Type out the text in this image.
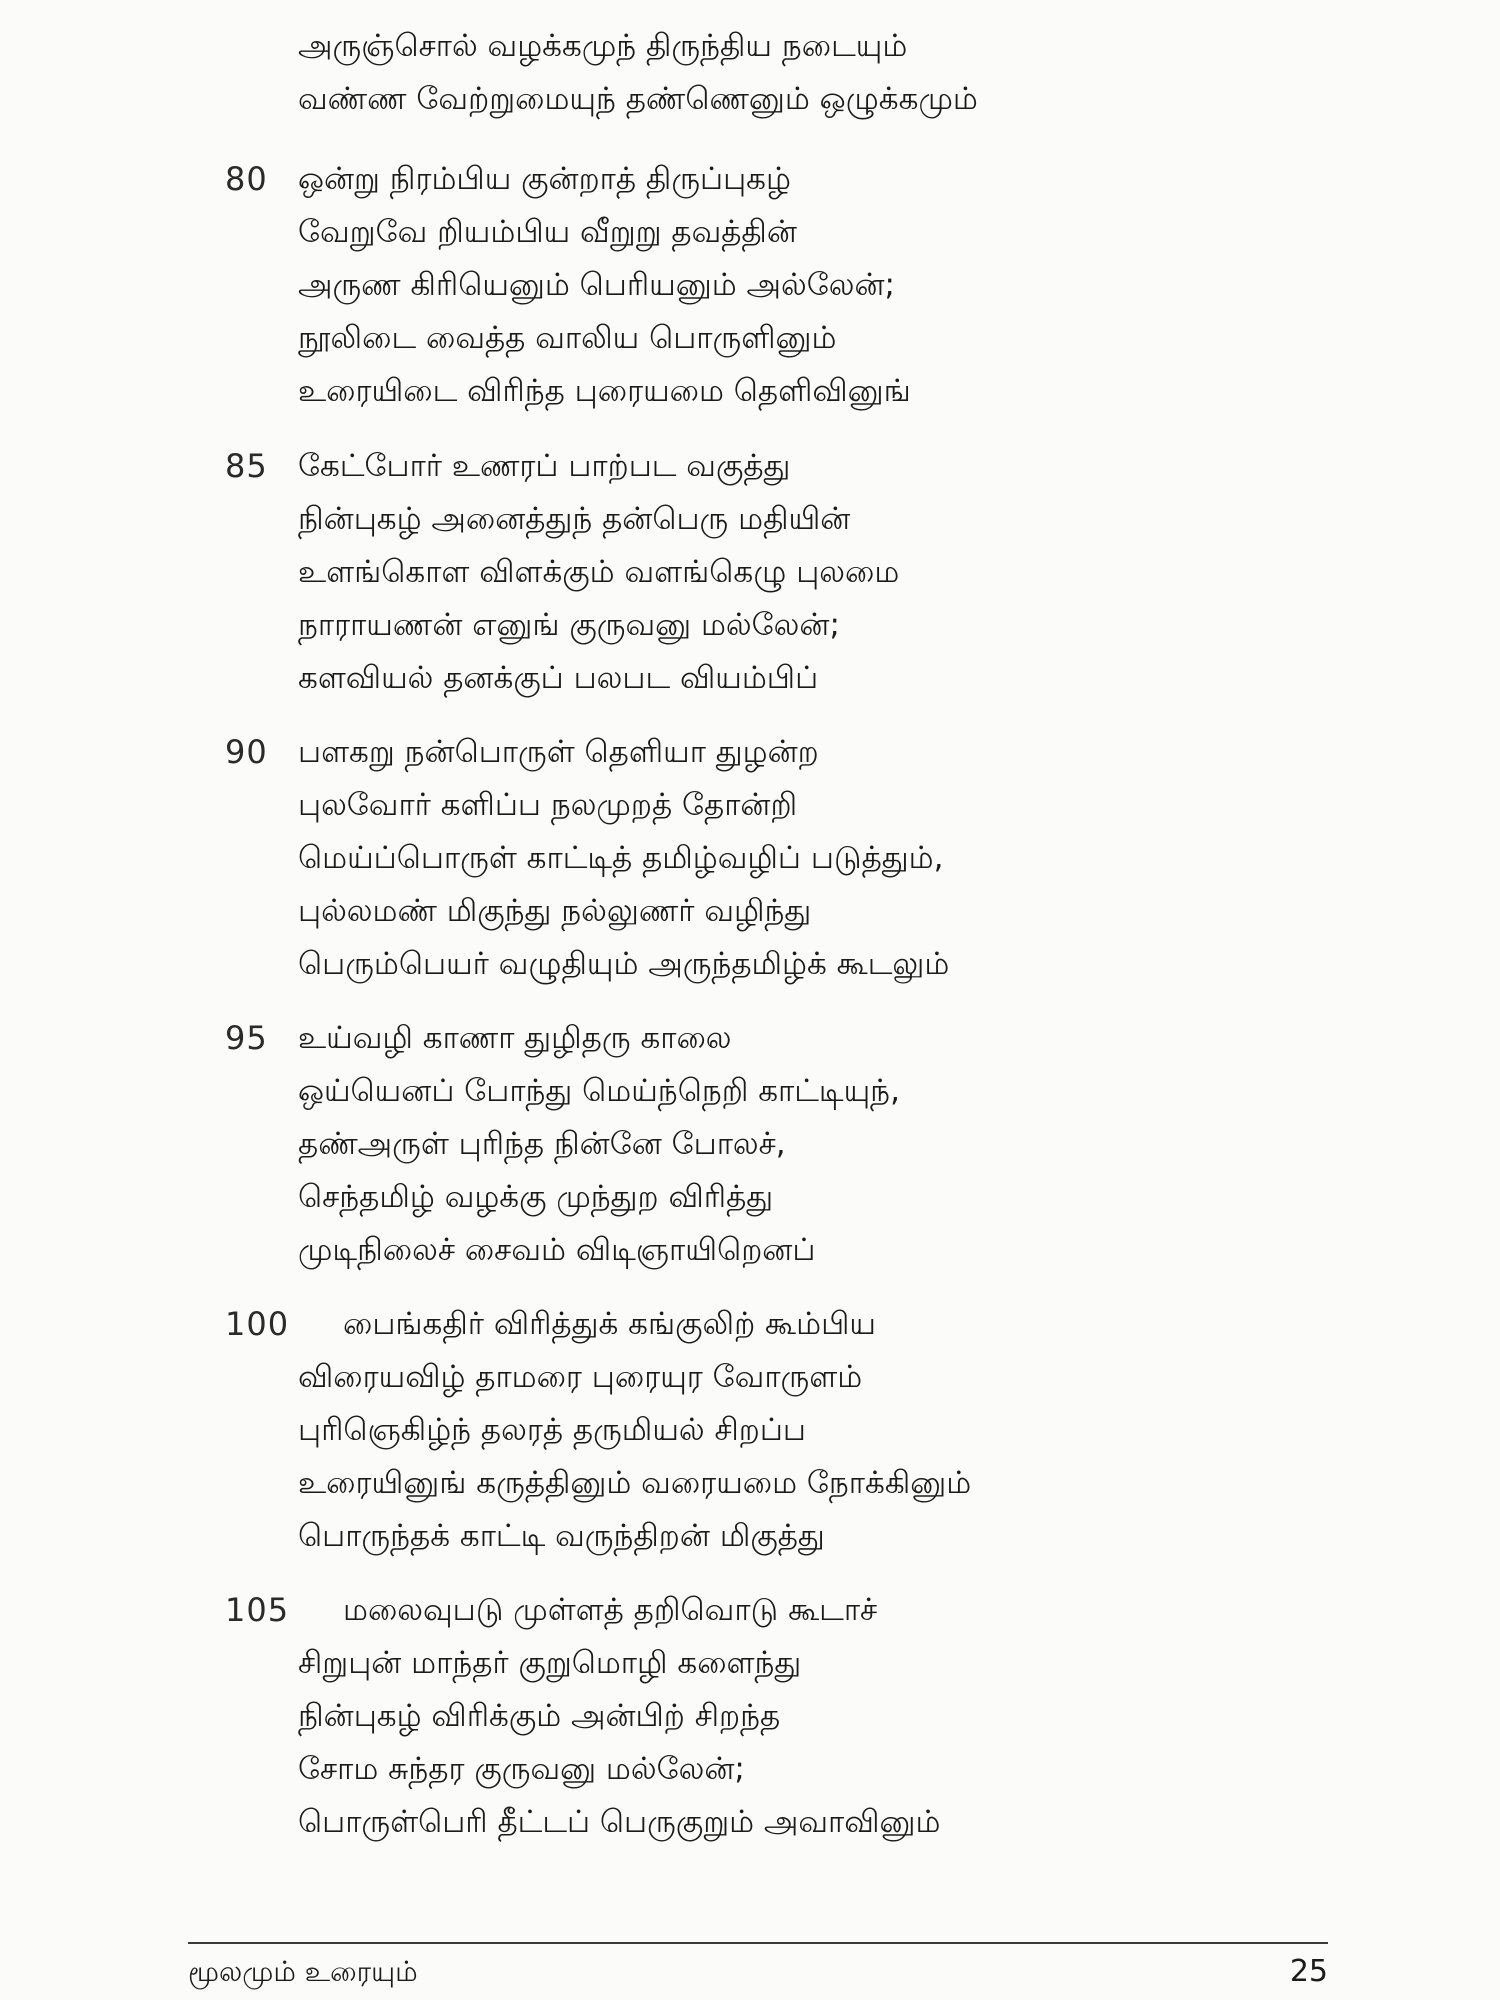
அருஞ்சொல் வழக்கமுந் திருந்திய நடையும்
வண்ண வேற்றுமையுந் தண்ணெனும் ஒழுக்கமும்
80 ஒன்று நிரம்பிய குன்றாத் திருப்புகழ்
வேறுவே றியம்பிய வீறுறு தவத்தின்
அருண கிரியெனும் பெரியனும் அல்லேன்;
நூலிடை வைத்த வாலிய பொருளினும்
உரையிடை விரிந்த புரையமை தெளிவினுங்
85 கேட்போர் உணரப் பாற்பட வகுத்து
நின்புகழ் அனைத்துந் தன்பெரு மதியின்
உளங்கொள விளக்கும் வளங்கெழு புலமை
நாராயணன் எனுங் குருவனு மல்லேன்;
களவியல் தனக்குப் பலபட வியம்பிப்
90 பளகறு நன்பொருள் தெளியா துழன்ற
புலவோர் களிப்ப நலமுறத் தோன்றி
மெய்ப்பொருள் காட்டித் தமிழ்வழிப் படுத்தும்,
புல்லமண் மிகுந்து நல்லுணர் வழிந்து
பெரும்பெயர் வழுதியும் அருந்தமிழ்க் கூடலும்
95 உய்வழி காணா துழிதரு காலை
ஒய்யெனப் போந்து மெய்ந்நெறி காட்டியுந்,
தண்அருள் புரிந்த நின்னே போலச்,
செந்தமிழ் வழக்கு முந்துற விரித்து
முடிநிலைச் சைவம் விடிஞாயிறெனப்
100 பைங்கதிர் விரித்துக் கங்குலிற் கூம்பிய
விரையவிழ் தாமரை புரையுர வோருளம்
புரிஞெகிழ்ந் தலரத் தருமியல் சிறப்ப
உரையினுங் கருத்தினும் வரையமை நோக்கினும்
பொருந்தக் காட்டி வருந்திறன் மிகுத்து
105 மலைவுபடு முள்ளத் தறிவொடு கூடாச்
சிறுபுன் மாந்தர் குறுமொழி களைந்து
நின்புகழ் விரிக்கும் அன்பிற் சிறந்த
சோம சுந்தர குருவனு மல்லேன்;
பொருள்பெரி தீட்டப் பெருகுறும் அவாவினும்
மூலமும் உரையும்	25
